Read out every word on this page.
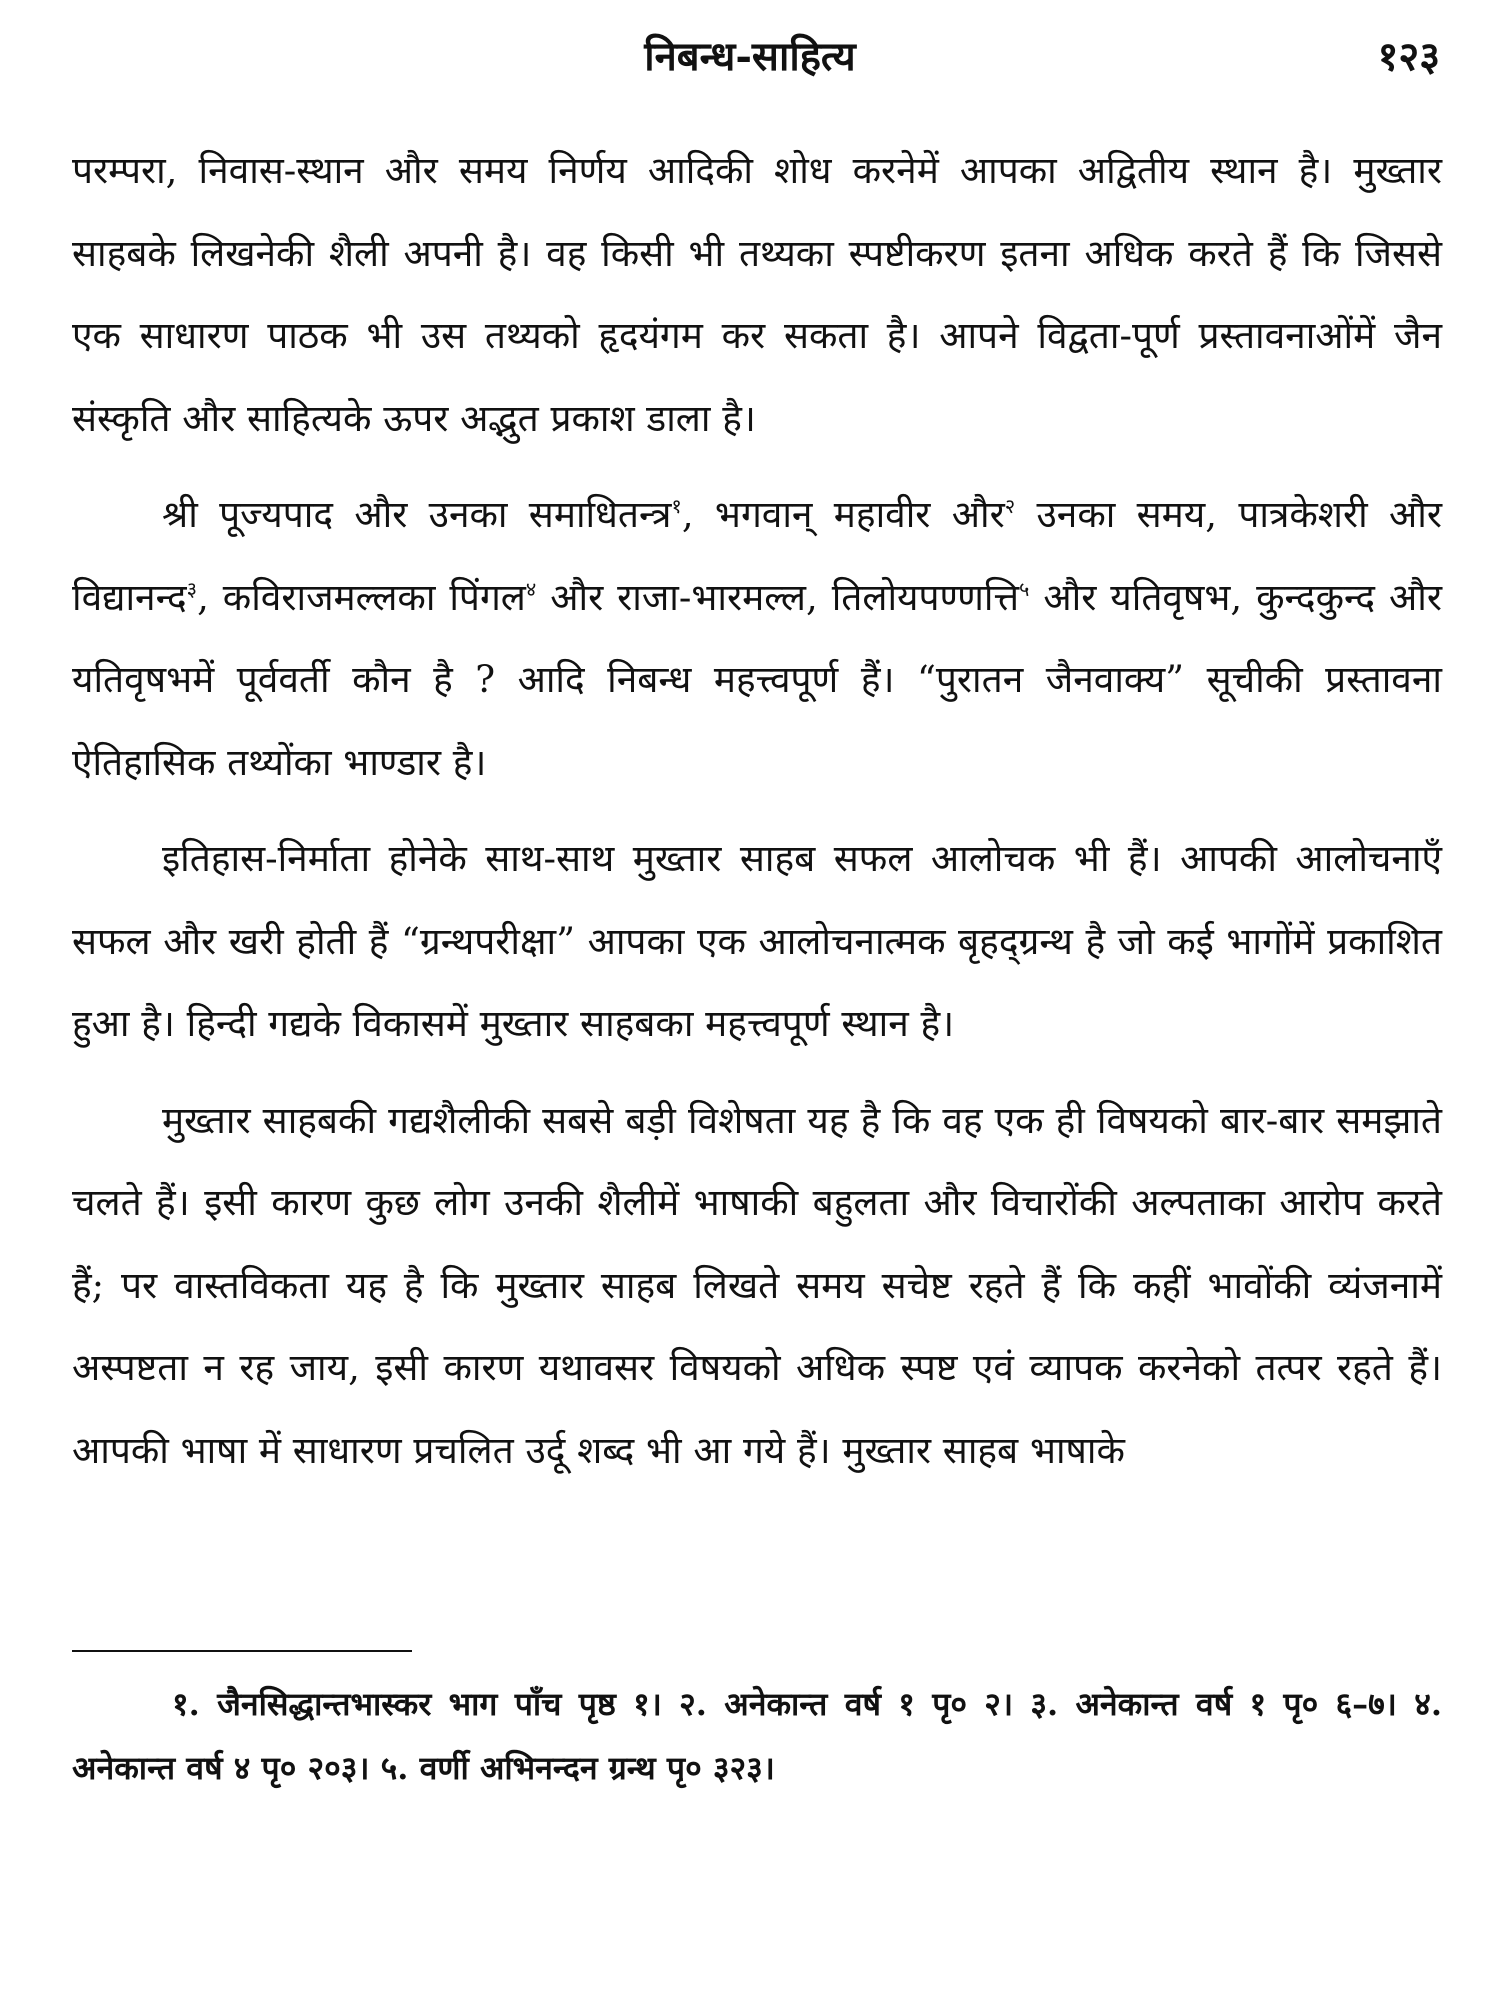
निबन्ध-साहित्य	१२३

परम्परा, निवास-स्थान और समय निर्णय आदिकी शोध करनेमें आपका अद्वितीय स्थान है। मुख्तार साहबके लिखनेकी शैली अपनी है। वह किसी भी तथ्यका स्पष्टीकरण इतना अधिक करते हैं कि जिससे एक साधारण पाठक भी उस तथ्यको हृदयंगम कर सकता है। आपने विद्वता-पूर्ण प्रस्तावनाओंमें जैन संस्कृति और साहित्यके ऊपर अद्भुत प्रकाश डाला है।

श्री पूज्यपाद और उनका समाधितन्त्र$^१$, भगवान् महावीर और$^२$ उनका समय, पात्रकेशरी और विद्यानन्द$^३$, कविराजमल्लका पिंगल$^४$ और राजा-भारमल्ल, तिलोयपण्णत्ति$^५$ और यतिवृषभ, कुन्दकुन्द और यतिवृषभमें पूर्ववर्ती कौन है ? आदि निबन्ध महत्त्वपूर्ण हैं। “पुरातन जैनवाक्य” सूचीकी प्रस्तावना ऐतिहासिक तथ्योंका भाण्डार है।

इतिहास-निर्माता होनेके साथ-साथ मुख्तार साहब सफल आलोचक भी हैं। आपकी आलोचनाएँ सफल और खरी होती हैं “ग्रन्थपरीक्षा” आपका एक आलोचनात्मक बृहद्ग्रन्थ है जो कई भागोंमें प्रकाशित हुआ है। हिन्दी गद्यके विकासमें मुख्तार साहबका महत्त्वपूर्ण स्थान है।

मुख्तार साहबकी गद्यशैलीकी सबसे बड़ी विशेषता यह है कि वह एक ही विषयको बार-बार समझाते चलते हैं। इसी कारण कुछ लोग उनकी शैलीमें भाषाकी बहुलता और विचारोंकी अल्पताका आरोप करते हैं; पर वास्तविकता यह है कि मुख्तार साहब लिखते समय सचेष्ट रहते हैं कि कहीं भावोंकी व्यंजनामें अस्पष्टता न रह जाय, इसी कारण यथावसर विषयको अधिक स्पष्ट एवं व्यापक करनेको तत्पर रहते हैं। आपकी भाषा में साधारण प्रचलित उर्दू शब्द भी आ गये हैं। मुख्तार साहब भाषाके

१. जैनसिद्धान्तभास्कर भाग पाँच पृष्ठ १। २. अनेकान्त वर्ष १ पृ० २। ३. अनेकान्त वर्ष १ पृ० ६–७। ४. अनेकान्त वर्ष ४ पृ० २०३। ५. वर्णी अभिनन्दन ग्रन्थ पृ० ३२३।
